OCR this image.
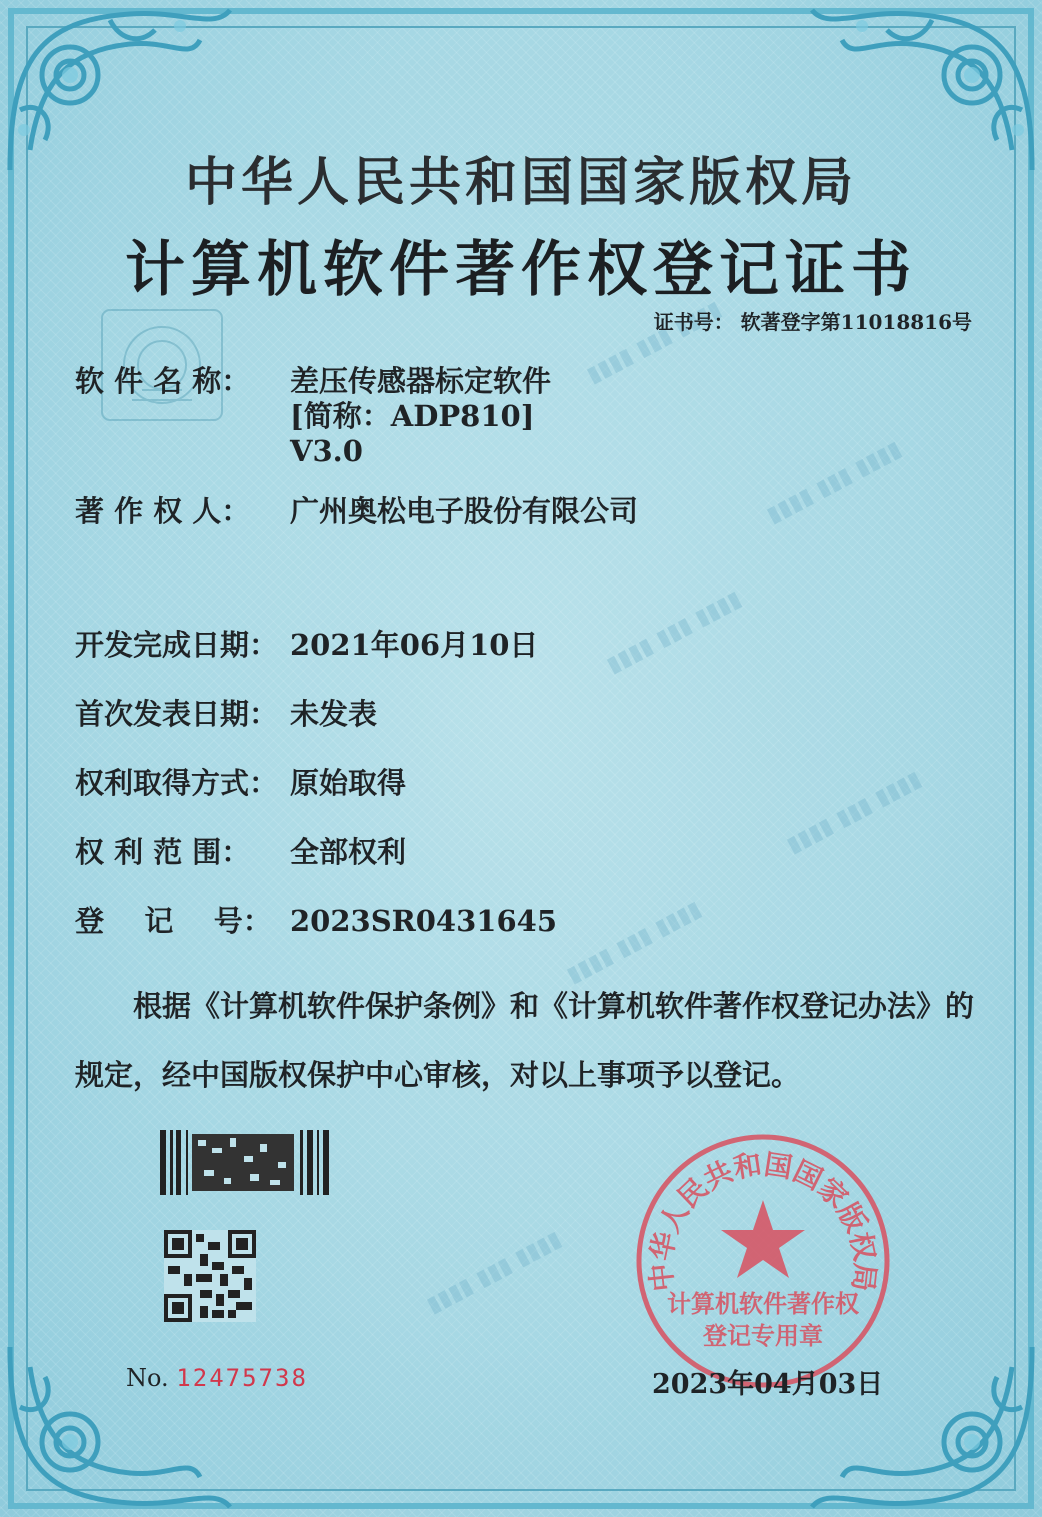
▮▮▮▮ ▮▮▮ ▮▮▮▮
▮▮▮▮ ▮▮▮ ▮▮▮▮
▮▮▮▮ ▮▮▮ ▮▮▮▮
▮▮▮▮ ▮▮▮ ▮▮▮▮
▮▮▮▮ ▮▮▮ ▮▮▮▮
▮▮▮▮ ▮▮▮ ▮▮▮▮
中华人民共和国国家版权局
计算机软件著作权登记证书
证书号： 软著登字第11018816号
软 件 名 称： 差压传感器标定软件
[简称：ADP810]
V3.0
著 作 权 人： 广州奥松电子股份有限公司
开发完成日期： 2021年06月10日
首次发表日期： 未发表
权利取得方式： 原始取得
权 利 范 围： 全部权利
登    记    号： 2023SR0431645
　　根据《计算机软件保护条例》和《计算机软件著作权登记办法》的
规定，经中国版权保护中心审核，对以上事项予以登记。
No. 12475738
中华人民共和国国家版权局
计算机软件著作权
登记专用章
2023年04月03日
